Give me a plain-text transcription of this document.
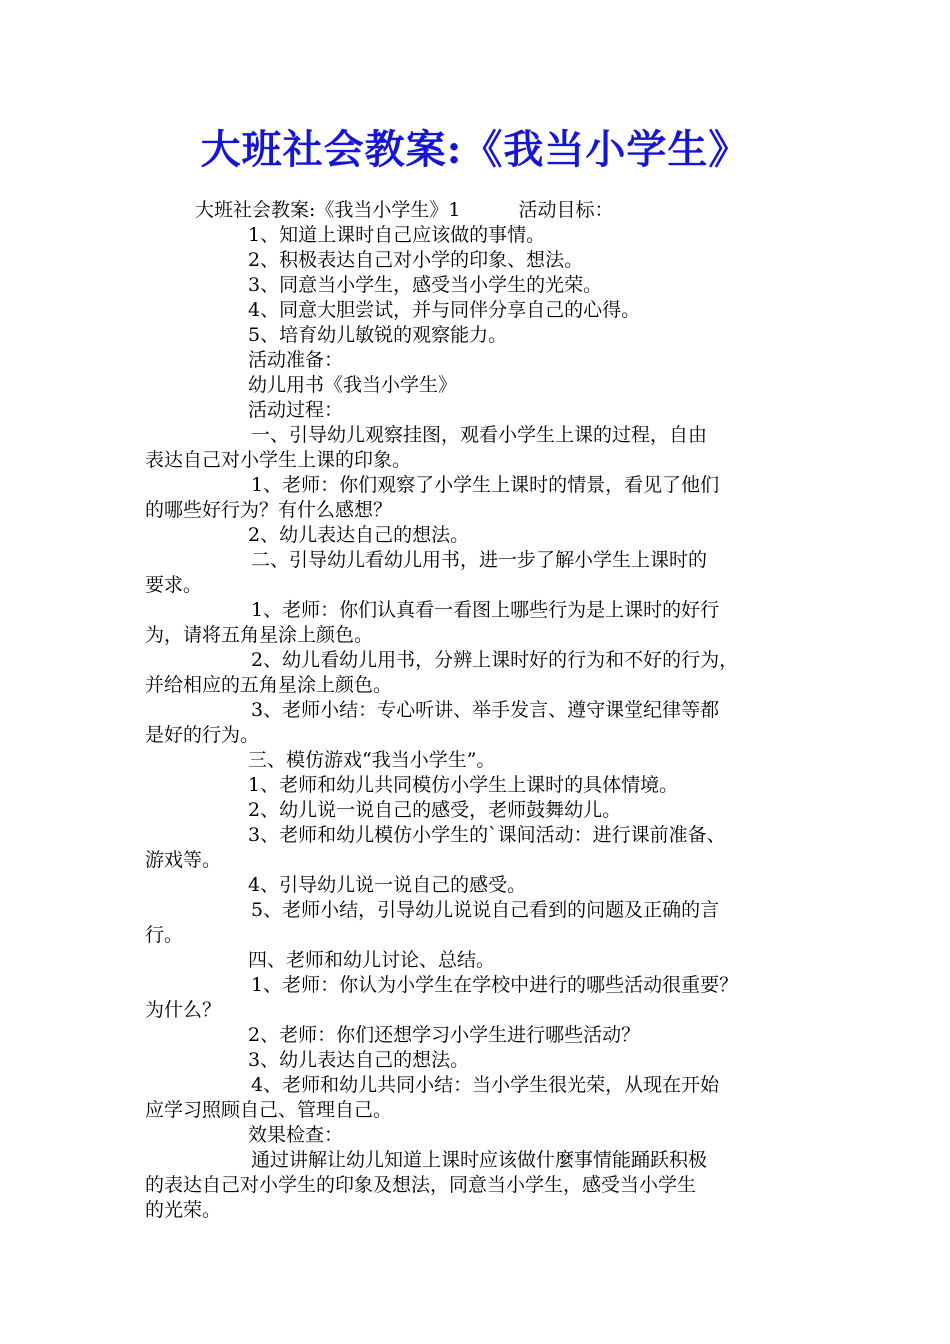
大班社会教案:《我当小学生》
大班社会教案:《我当小学生》1	活动目标：
1、知道上课时自己应该做的事情。
2、积极表达自己对小学的印象、想法。
3、同意当小学生，感受当小学生的光荣。
4、同意大胆尝试，并与同伴分享自己的心得。
5、培育幼儿敏锐的观察能力。
活动准备：
幼儿用书《我当小学生》
活动过程：
一、引导幼儿观察挂图，观看小学生上课的过程，自由
表达自己对小学生上课的印象。
1、老师：你们观察了小学生上课时的情景，看见了他们
的哪些好行为？有什么感想？
2、幼儿表达自己的想法。
二、引导幼儿看幼儿用书，进一步了解小学生上课时的
要求。
1、老师：你们认真看一看图上哪些行为是上课时的好行
为，请将五角星涂上颜色。
2、幼儿看幼儿用书，分辨上课时好的行为和不好的行为，
并给相应的五角星涂上颜色。
3、老师小结：专心听讲、举手发言、遵守课堂纪律等都
是好的行为。
三、模仿游戏“我当小学生”。
1、老师和幼儿共同模仿小学生上课时的具体情境。
2、幼儿说一说自己的感受，老师鼓舞幼儿。
3、老师和幼儿模仿小学生的`课间活动：进行课前准备、
游戏等。
4、引导幼儿说一说自己的感受。
5、老师小结，引导幼儿说说自己看到的问题及正确的言
行。
四、老师和幼儿讨论、总结。
1、老师：你认为小学生在学校中进行的哪些活动很重要？
为什么？
2、老师：你们还想学习小学生进行哪些活动？
3、幼儿表达自己的想法。
4、老师和幼儿共同小结：当小学生很光荣，从现在开始
应学习照顾自己、管理自己。
效果检查：
通过讲解让幼儿知道上课时应该做什麼事情能踊跃积极
的表达自己对小学生的印象及想法，同意当小学生，感受当小学生
的光荣。
